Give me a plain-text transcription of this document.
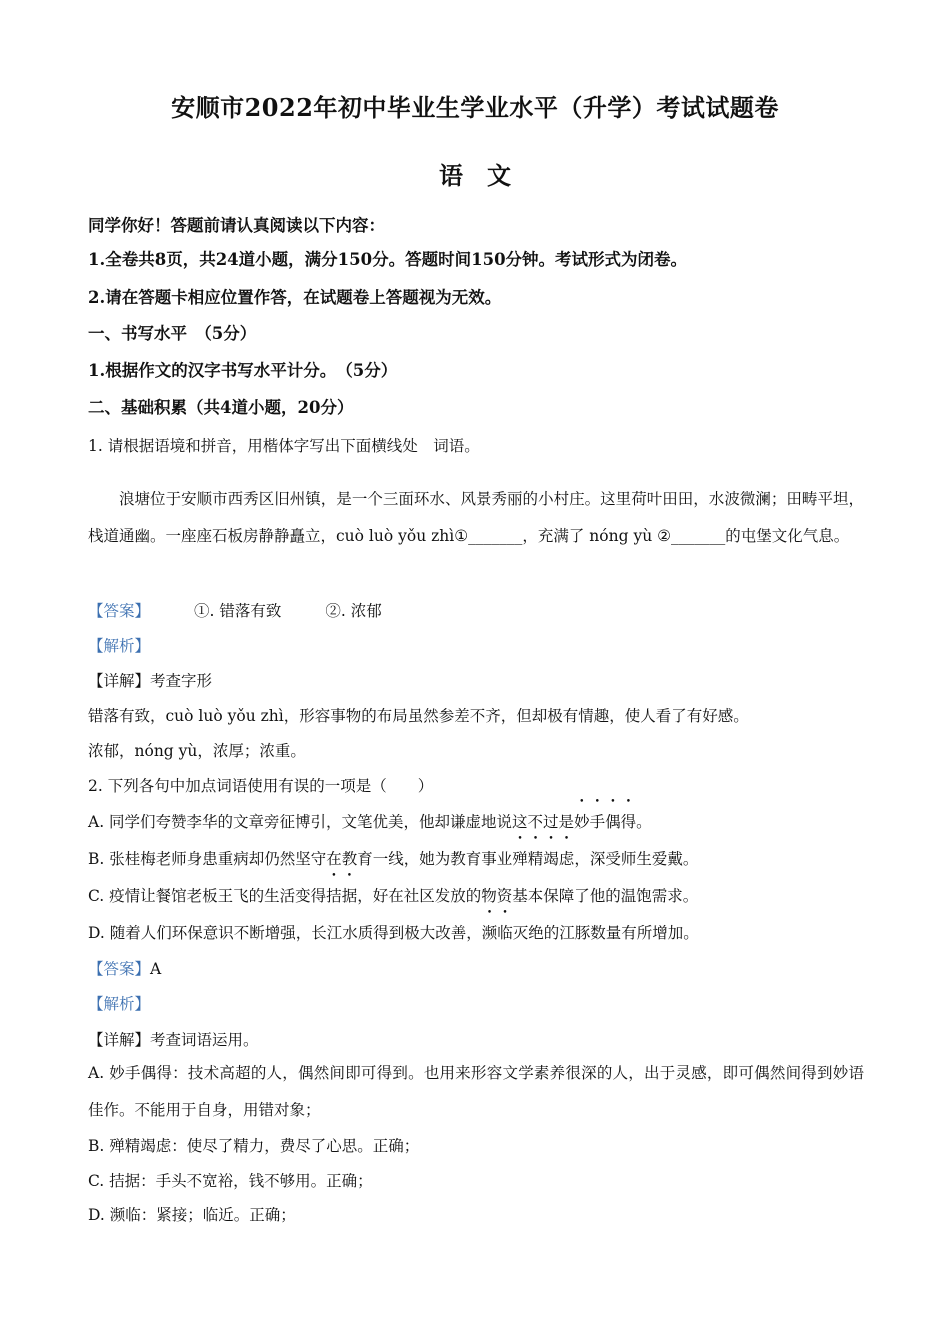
安顺市2022年初中毕业生学业水平（升学）考试试题卷
语　文
同学你好！答题前请认真阅读以下内容：
1.全卷共8页，共24道小题，满分150分。答题时间150分钟。考试形式为闭卷。
2.请在答题卡相应位置作答，在试题卷上答题视为无效。
一、书写水平　（5分）
1.根据作文的汉字书写水平计分。　（5分）
二、基础积累（共4道小题，20分）
1. 请根据语境和拼音，用楷体字写出下面横线处　词语。
浪塘位于安顺市西秀区旧州镇，是一个三面环水、风景秀丽的小村庄。这里荷叶田田，水波微澜；田畴平坦，栈道通幽。一座座石板房静静矗立，cuò luò yǒu zhì①_______，充满了 nóng yù ②_______的屯堡文化气息。
【答案】	①. 错落有致	②. 浓郁
【解析】
【详解】考查字形
错落有致，cuò luò yǒu zhì，形容事物的布局虽然参差不齐，但却极有情趣，使人看了有好感。
浓郁，nóng yù，浓厚；浓重。
2. 下列各句中加点词语使用有误的一项是（　　）
A. 同学们夸赞李华的文章旁征博引，文笔优美，他却谦虚地说这不过是妙手偶得。
B. 张桂梅老师身患重病却仍然坚守在教育一线，她为教育事业殚精竭虑，深受师生爱戴。
C. 疫情让餐馆老板王飞的生活变得拮据，好在社区发放的物资基本保障了他的温饱需求。
D. 随着人们环保意识不断增强，长江水质得到极大改善，濒临灭绝的江豚数量有所增加。
【答案】A
【解析】
【详解】考查词语运用。
A. 妙手偶得：技术高超的人，偶然间即可得到。也用来形容文学素养很深的人，出于灵感，即可偶然间得到妙语佳作。不能用于自身，用错对象；
B. 殚精竭虑：使尽了精力，费尽了心思。正确；
C. 拮据：手头不宽裕，钱不够用。正确；
D. 濒临：紧接；临近。正确；
